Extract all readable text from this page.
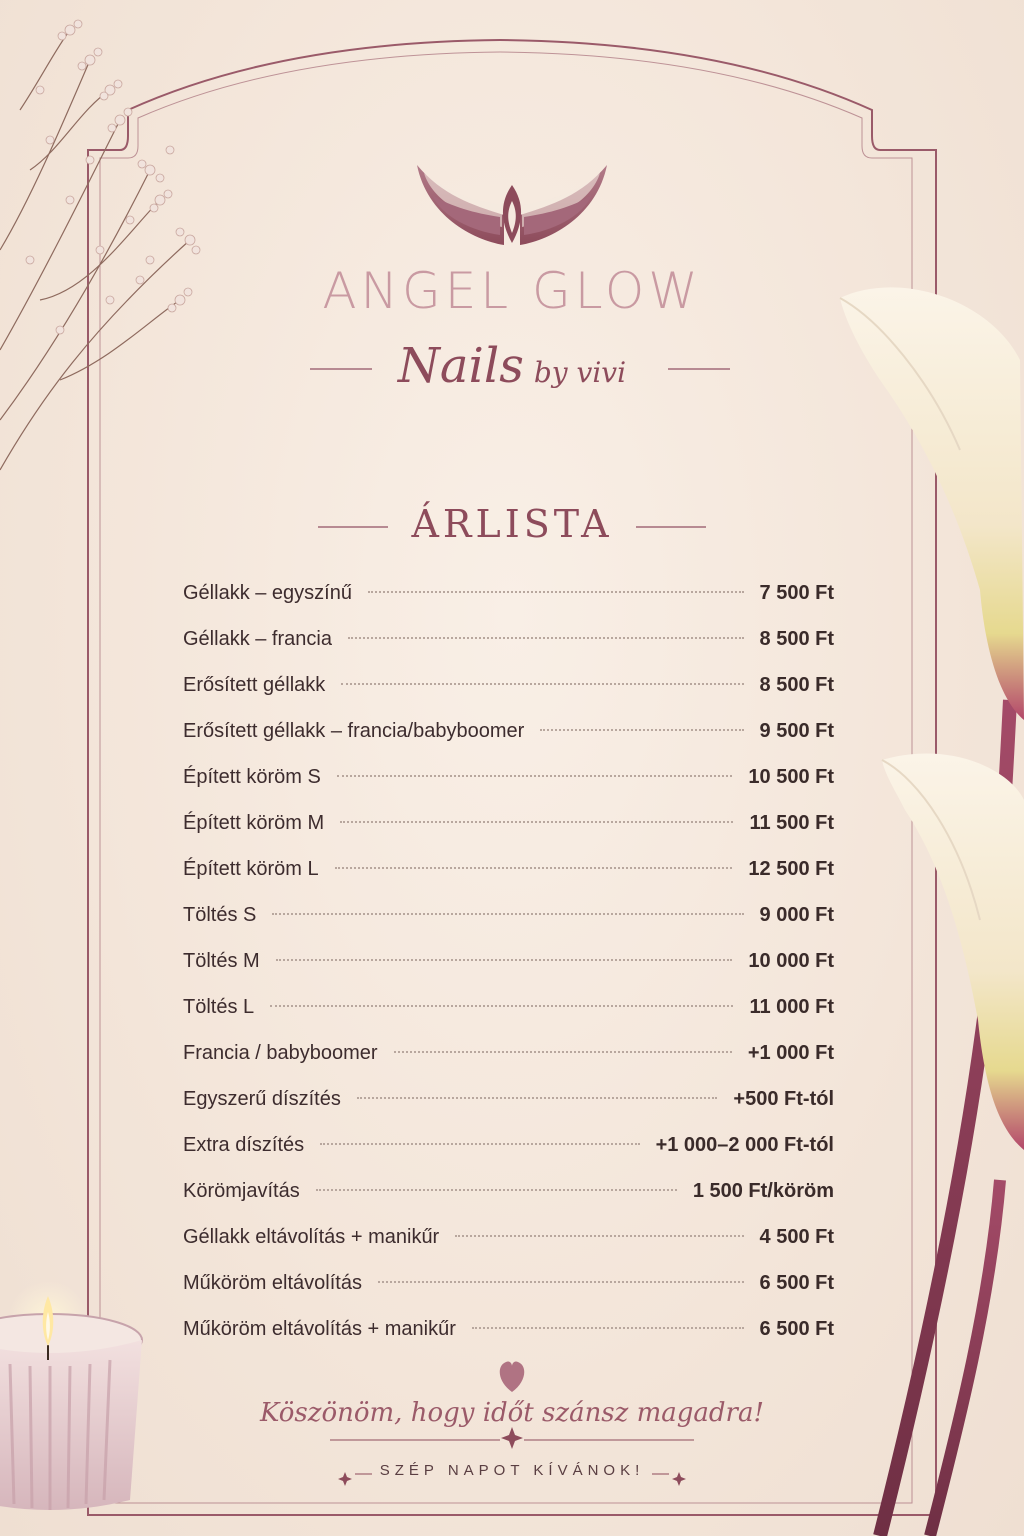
ANGEL GLOW
Nails by vivi
ÁRLISTA
Géllakk – egyszínű	7 500 Ft
Géllakk – francia	8 500 Ft
Erősített géllakk	8 500 Ft
Erősített géllakk – francia/babyboomer	9 500 Ft
Épített köröm S	10 500 Ft
Épített köröm M	11 500 Ft
Épített köröm L	12 500 Ft
Töltés S	9 000 Ft
Töltés M	10 000 Ft
Töltés L	11 000 Ft
Francia / babyboomer	+1 000 Ft
Egyszerű díszítés	+500 Ft-tól
Extra díszítés	+1 000–2 000 Ft-tól
Körömjavítás	1 500 Ft/köröm
Géllakk eltávolítás + manikűr	4 500 Ft
Műköröm eltávolítás	6 500 Ft
Műköröm eltávolítás + manikűr	6 500 Ft
Köszönöm, hogy időt szánsz magadra!
SZÉP NAPOT KÍVÁNOK!
